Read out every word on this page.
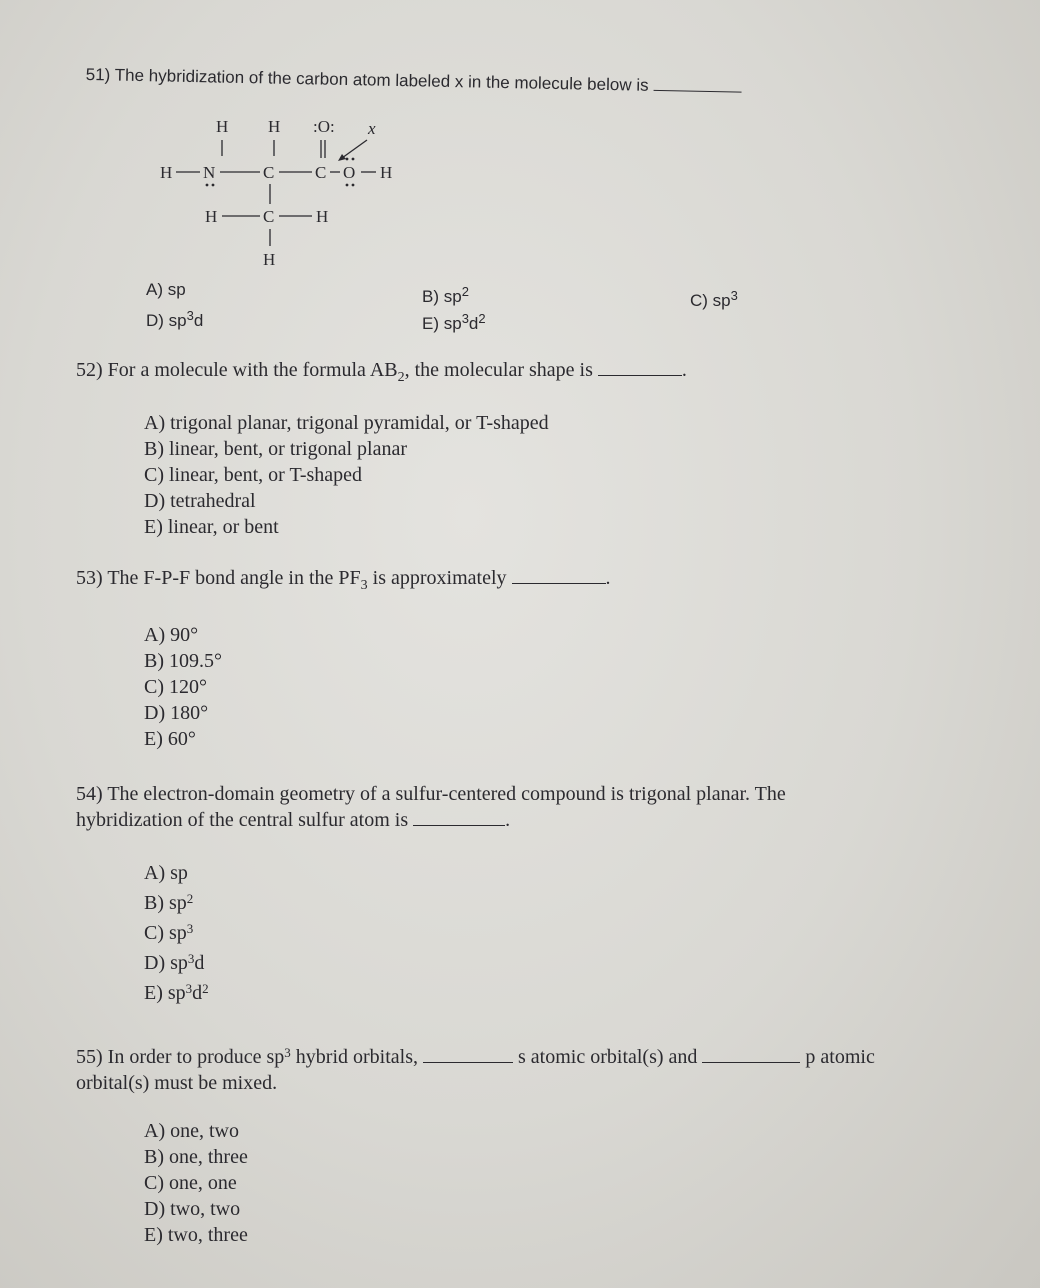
51) The hybridization of the carbon atom labeled x in the molecule below is
H H :O: x
H N	C C O H
H	C H
H
A) sp
D) $sp^3d$
B) $sp^2$
E) $sp^3d^2$
C) $sp^3$
52) For a molecule with the formula $AB_2$, the molecular shape is	.
A) trigonal planar, trigonal pyramidal, or T-shaped
B) linear, bent, or trigonal planar
C) linear, bent, or T-shaped
D) tetrahedral
E) linear, or bent
53) The F-P-F bond angle in the $PF_3$ is approximately	.
A) 90°
B) 109.5°
C) 120°
D) 180°
E) 60°
54) The electron-domain geometry of a sulfur-centered compound is trigonal planar. The
hybridization of the central sulfur atom is	.
A) sp
B) $sp^2$
C) $sp^3$
D) $sp^3d$
E) $sp^3d^2$
55) In order to produce $sp^3$ hybrid orbitals,	s atomic orbital(s) and	p atomic
orbital(s) must be mixed.
A) one, two
B) one, three
C) one, one
D) two, two
E) two, three
